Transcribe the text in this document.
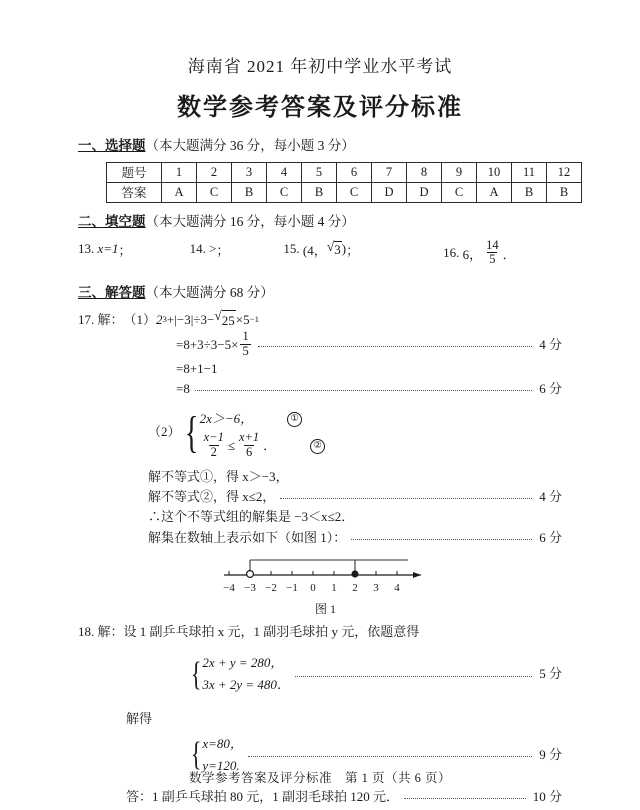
海南省 2021 年初中学业水平考试
数学参考答案及评分标准
一、选择题（本大题满分 36 分，每小题 3 分）
题号	1	2	3	4	5	6	7	8	9	10	11	12
答案	A	C	B	C	B	C	D	D	C	A	B	B
二、填空题（本大题满分 16 分，每小题 4 分）
13.
x=1 ；	14.
> ；	15.
(4， √ 3 ) ；	16.
6， $\frac{14}{5}$ ．
三、解答题（本大题满分 68 分）
17.
解： （1） 2 3 +|−3|÷3− √ 25 ×5 −1
$=8+3\div 3-5\times \frac{1}{5}$	4 分
=8+1−1
=8	6 分
（2） { 2x＞−6，	①
$\frac{x-1}{2} \le \frac{x+1}{6}$ ．	②
解不等式①，得 x＞−3，
解不等式②，得 x≤2，	4 分
∴这个不等式组的解集是 −3＜x≤2．
解集在数轴上表示如下（如图 1）：	6 分
−4 −3 −2 −1 0 1 2 3 4
图 1
18.
解： 设 1 副乒乓球拍 x 元，1 副羽毛球拍 y 元，依题意得
{ 2x + y = 280，
3x + 2y = 480．
5 分
解得
{ x=80，
y=120.
9 分
答：1 副乒乓球拍 80 元，1 副羽毛球拍 120 元．	10 分
数学参考答案及评分标准　第 1 页（共 6 页）
